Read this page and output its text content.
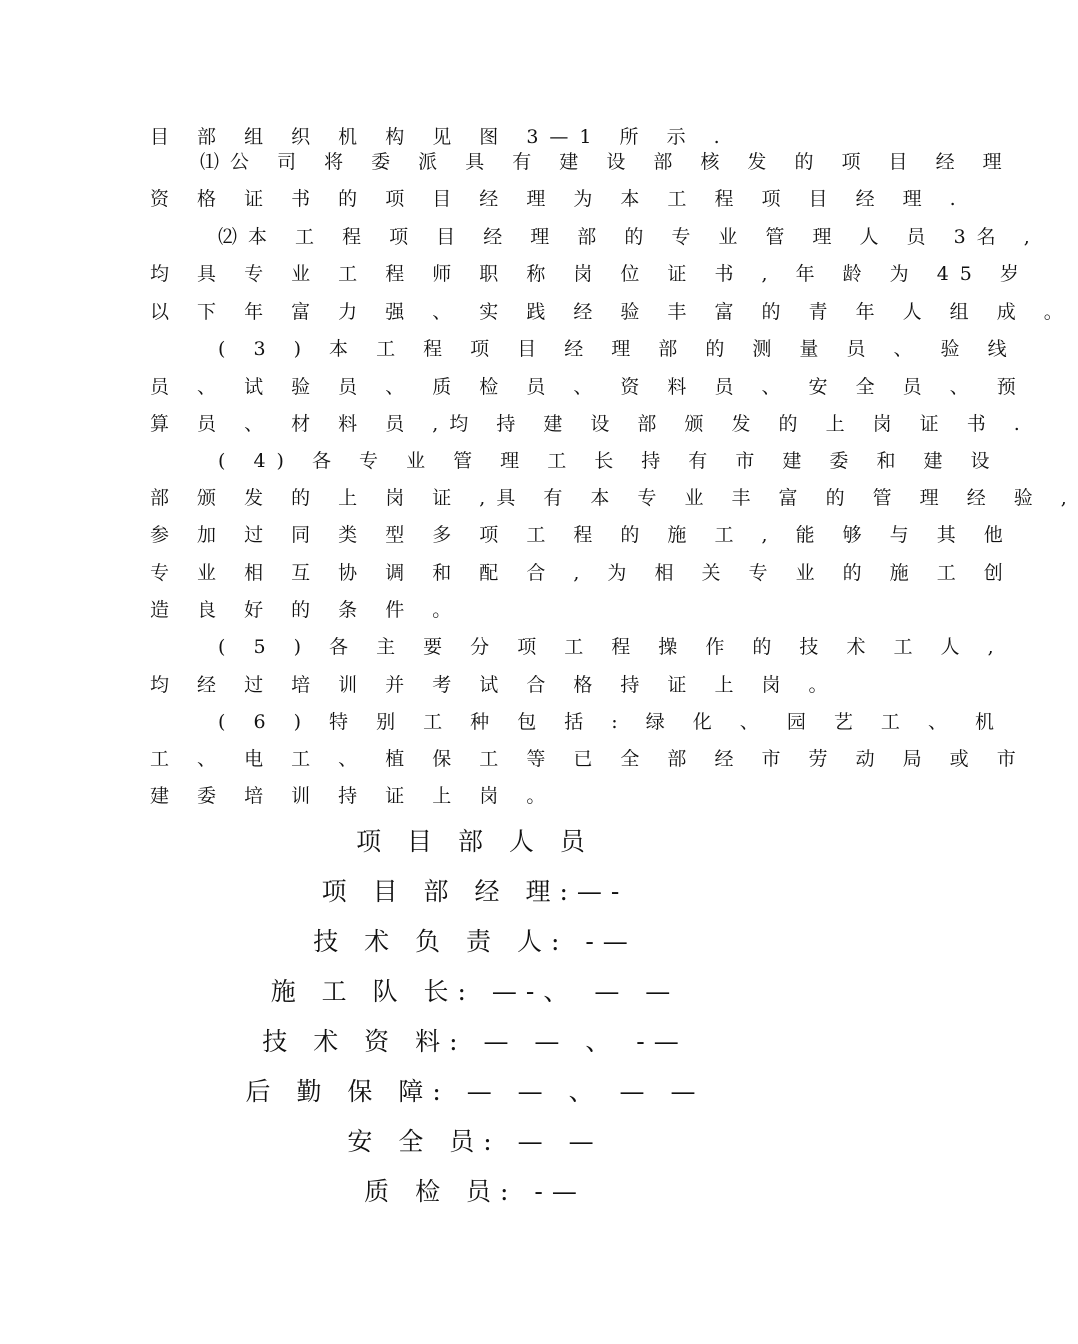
目 部 组 织 机 构 见 图 3—1 所 示 .
⑴公 司 将 委 派 具 有 建 设 部 核 发 的 项 目 经 理
资 格 证 书 的 项 目 经 理 为 本 工 程 项 目 经 理 .
⑵本 工 程 项 目 经 理 部 的 专 业 管 理 人 员 3名 ,
均 具 专 业 工 程 师 职 称 岗 位 证 书 , 年 龄 为 45 岁
以 下 年 富 力 强 、 实 践 经 验 丰 富 的 青 年 人 组 成 。
( 3 ) 本 工 程 项 目 经 理 部 的 测 量 员 、 验 线
员 、 试 验 员 、 质 检 员 、 资 料 员 、 安 全 员 、 预
算 员 、 材 料 员 ,均 持 建 设 部 颁 发 的 上 岗 证 书 .
( 4) 各 专 业 管 理 工 长 持 有 市 建 委 和 建 设
部 颁 发 的 上 岗 证 ,具 有 本 专 业 丰 富 的 管 理 经 验 ,
参 加 过 同 类 型 多 项 工 程 的 施 工 , 能 够 与 其 他
专 业 相 互 协 调 和 配 合 , 为 相 关 专 业 的 施 工 创
造 良 好 的 条 件 。
( 5 ) 各 主 要 分 项 工 程 操 作 的 技 术 工 人 ,
均 经 过 培 训 并 考 试 合 格 持 证 上 岗 。
( 6 ) 特 别 工 种 包 括 : 绿 化 、 园 艺 工 、 机
工 、 电 工 、 植 保 工 等 已 全 部 经 市 劳 动 局 或 市
建 委 培 训 持 证 上 岗 。
项 目 部 人 员
项 目 部 经 理:—-
技 术 负 责 人: -—
施 工 队 长: —-、 — —
技 术 资 料: — — 、 -—
后 勤 保 障: — — 、 — —
安 全 员: — —
质 检 员: -—
